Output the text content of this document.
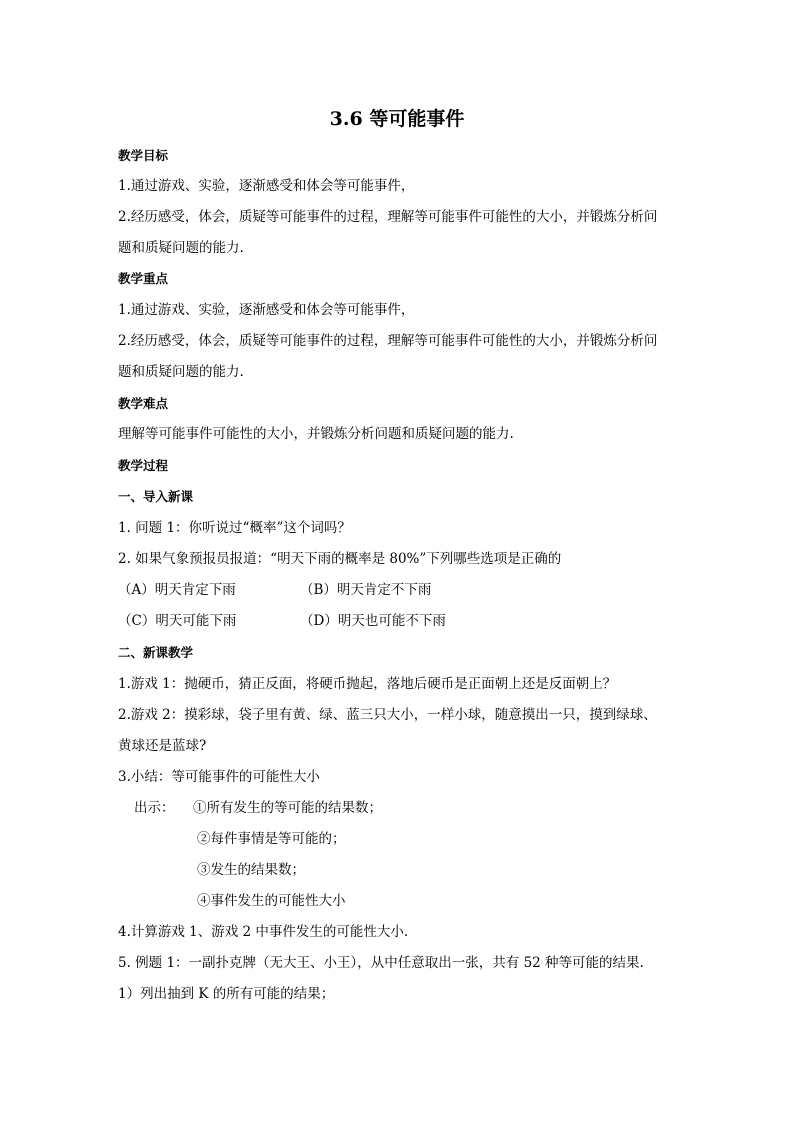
3.6 等可能事件
教学目标
1.通过游戏、实验，逐渐感受和体会等可能事件，
2.经历感受，体会，质疑等可能事件的过程，理解等可能事件可能性的大小，并锻炼分析问
题和质疑问题的能力.
教学重点
1.通过游戏、实验，逐渐感受和体会等可能事件，
2.经历感受，体会，质疑等可能事件的过程，理解等可能事件可能性的大小，并锻炼分析问
题和质疑问题的能力.
教学难点
理解等可能事件可能性的大小，并锻炼分析问题和质疑问题的能力.
教学过程
一、导入新课
1. 问题 1：你听说过“概率”这个词吗？
2. 如果气象预报员报道：“明天下雨的概率是 80%”下列哪些选项是正确的
（A）明天肯定下雨	（B）明天肯定不下雨
（C）明天可能下雨	（D）明天也可能不下雨
二、新课教学
1.游戏 1：抛硬币，猜正反面，将硬币抛起，落地后硬币是正面朝上还是反面朝上？
2.游戏 2：摸彩球，袋子里有黄、绿、蓝三只大小，一样小球，随意摸出一只，摸到绿球、
黄球还是蓝球?
3.小结：等可能事件的可能性大小
出示： ①所有发生的等可能的结果数；
②每件事情是等可能的；
③发生的结果数；
④事件发生的可能性大小
4.计算游戏 1、游戏 2 中事件发生的可能性大小.
5. 例题 1：一副扑克牌（无大王、小王），从中任意取出一张，共有 52 种等可能的结果.
1）列出抽到 K 的所有可能的结果；
